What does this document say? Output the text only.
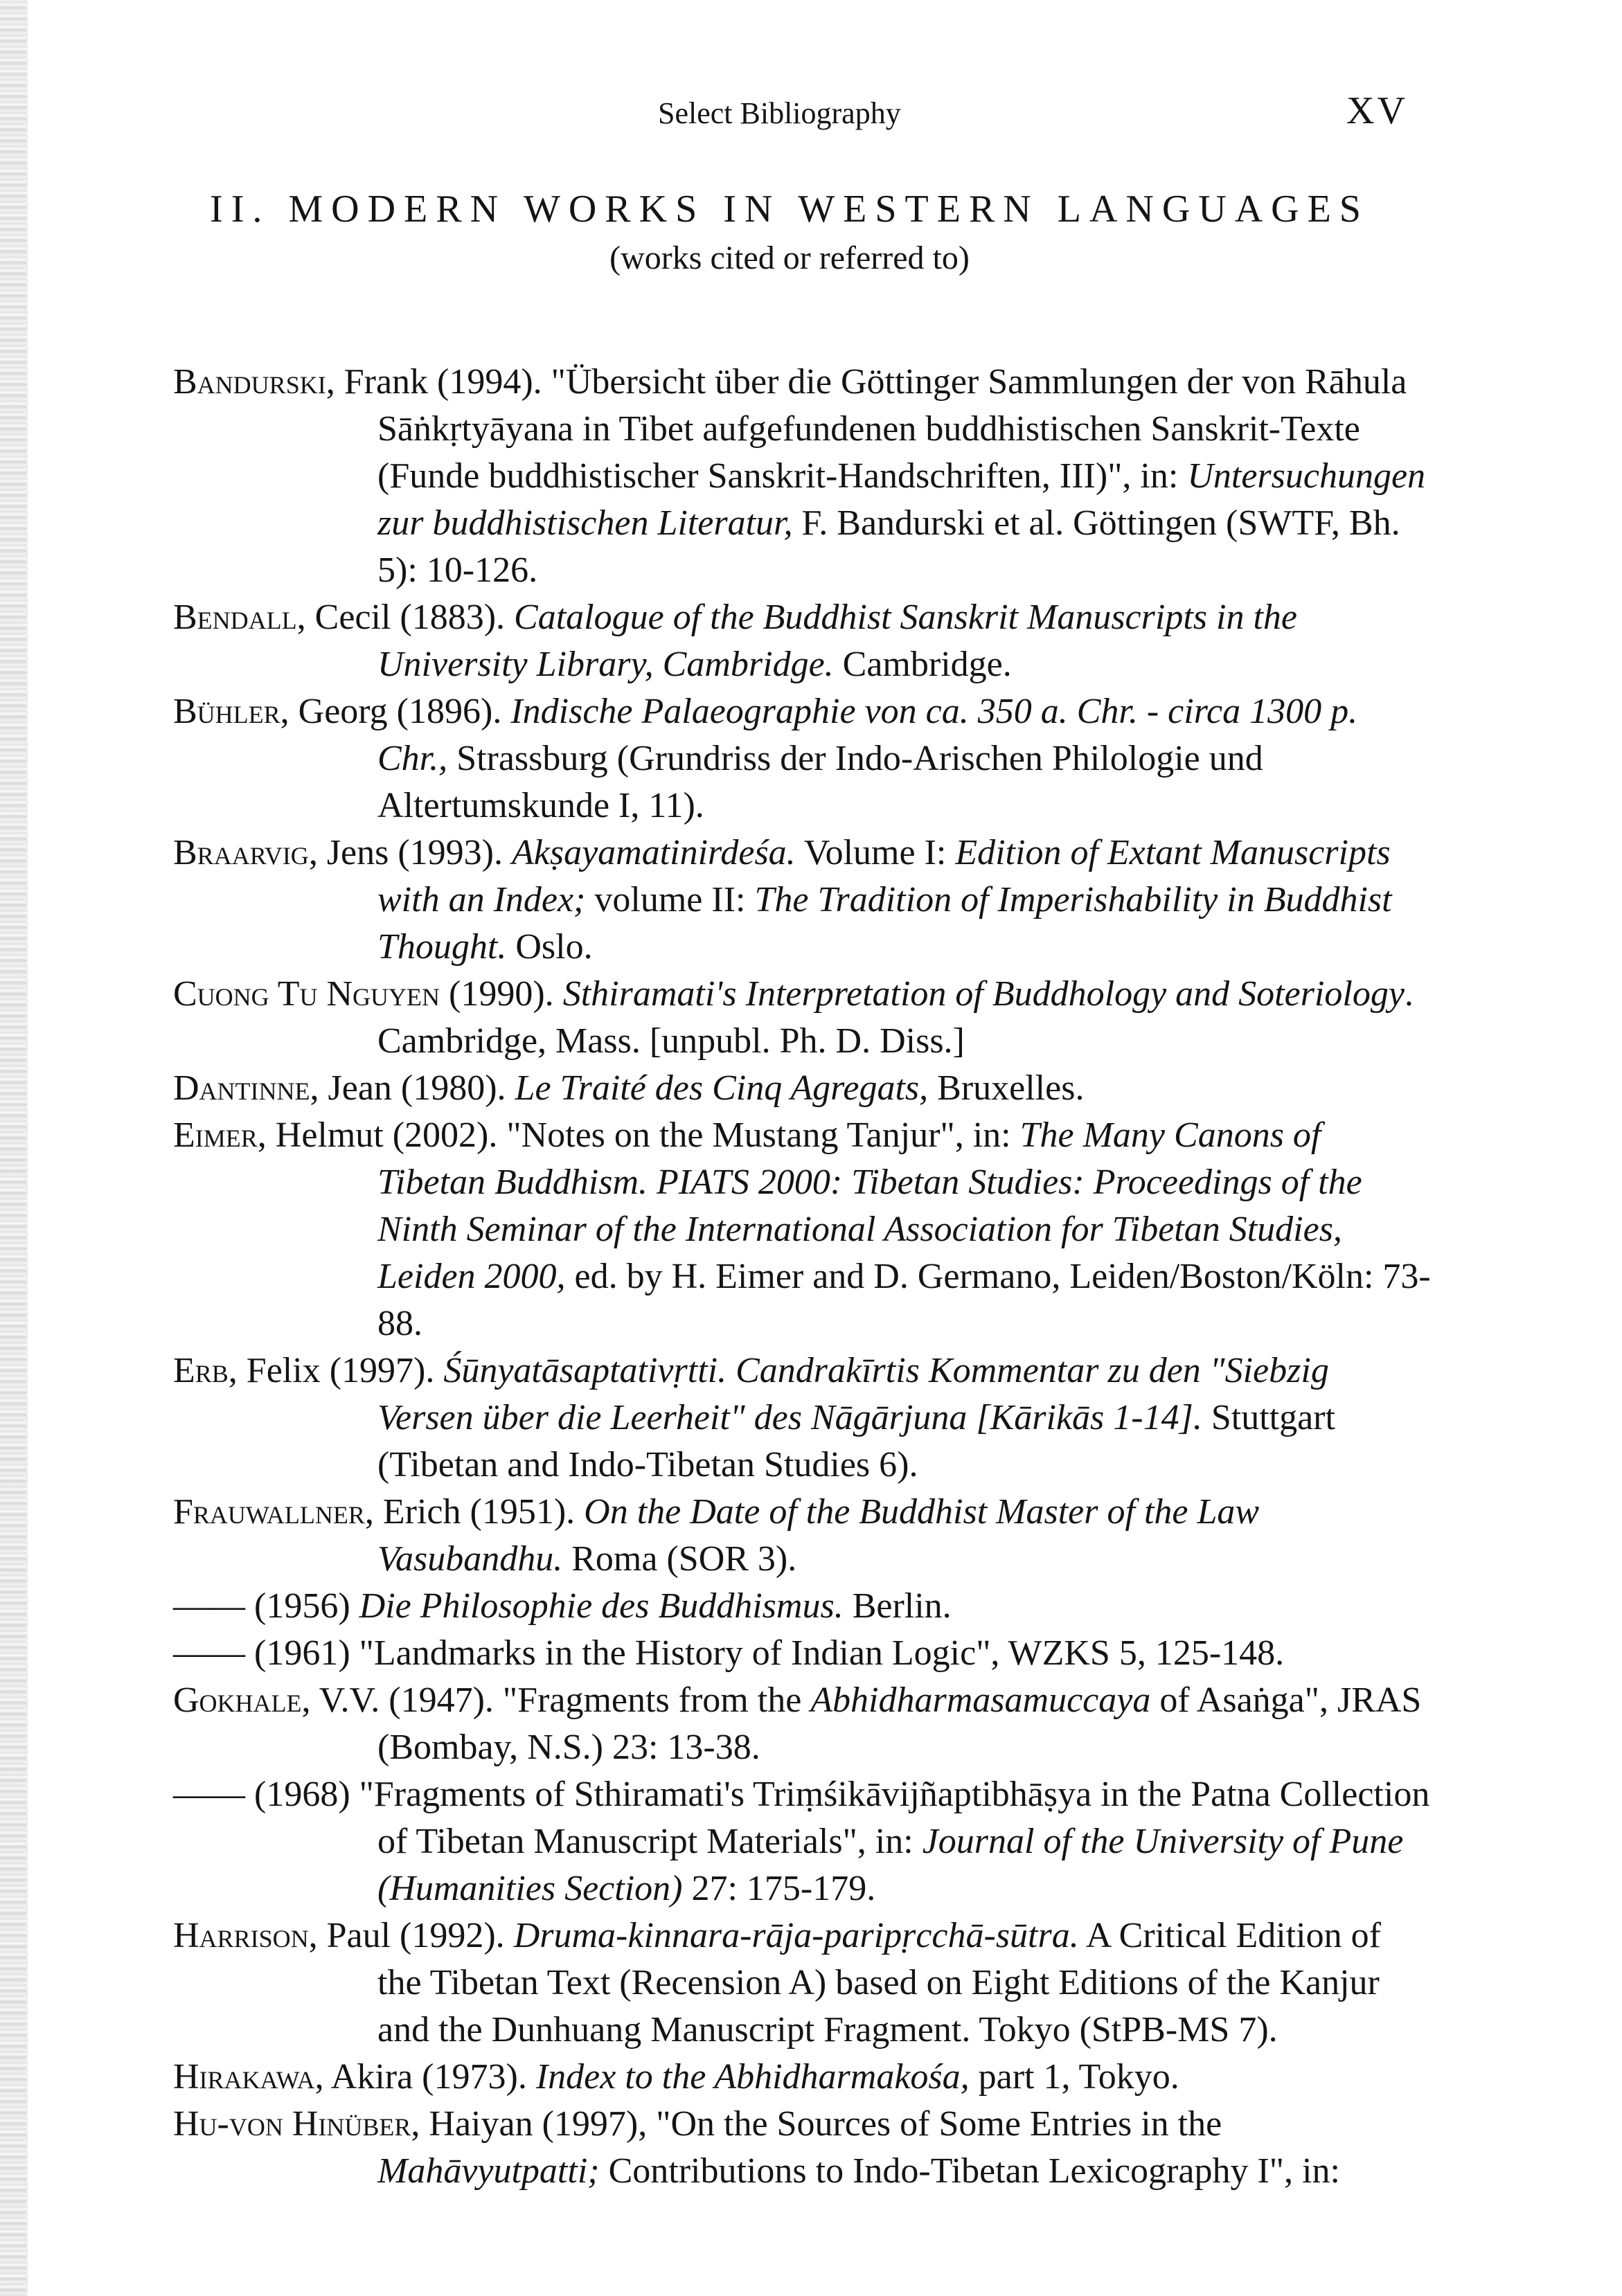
Select Bibliography	XV
II. MODERN WORKS IN WESTERN LANGUAGES
(works cited or referred to)

Bandurski, Frank (1994). "Übersicht über die Göttinger Sammlungen der von Rāhula Sāṅkṛtyāyana in Tibet aufgefundenen buddhistischen Sanskrit-Texte (Funde buddhistischer Sanskrit-Handschriften, III)", in: Untersuchungen zur buddhistischen Literatur, F. Bandurski et al. Göttingen (SWTF, Bh. 5): 10-126.

Bendall, Cecil (1883). Catalogue of the Buddhist Sanskrit Manuscripts in the University Library, Cambridge. Cambridge.

Bühler, Georg (1896). Indische Palaeographie von ca. 350 a. Chr. - circa 1300 p. Chr., Strassburg (Grundriss der Indo-Arischen Philologie und Altertumskunde I, 11).

Braarvig, Jens (1993). Akṣayamatinirdeśa. Volume I: Edition of Extant Manuscripts with an Index; volume II: The Tradition of Imperishability in Buddhist Thought. Oslo.

Cuong Tu Nguyen (1990). Sthiramati's Interpretation of Buddhology and Soteriology. Cambridge, Mass. [unpubl. Ph. D. Diss.]

Dantinne, Jean (1980). Le Traité des Cinq Agregats, Bruxelles.

Eimer, Helmut (2002). "Notes on the Mustang Tanjur", in: The Many Canons of Tibetan Buddhism. PIATS 2000: Tibetan Studies: Proceedings of the Ninth Seminar of the International Association for Tibetan Studies, Leiden 2000, ed. by H. Eimer and D. Germano, Leiden/Boston/Köln: 73-88.

Erb, Felix (1997). Śūnyatāsaptativṛtti. Candrakīrtis Kommentar zu den "Siebzig Versen über die Leerheit" des Nāgārjuna [Kārikās 1-14]. Stuttgart (Tibetan and Indo-Tibetan Studies 6).

Frauwallner, Erich (1951). On the Date of the Buddhist Master of the Law Vasubandhu. Roma (SOR 3).

—— (1956) Die Philosophie des Buddhismus. Berlin.

—— (1961) "Landmarks in the History of Indian Logic", WZKS 5, 125-148.

Gokhale, V.V. (1947). "Fragments from the Abhidharmasamuccaya of Asaṅga", JRAS (Bombay, N.S.) 23: 13-38.

—— (1968) "Fragments of Sthiramati's Triṃśikāvijñaptibhāṣya in the Patna Collection of Tibetan Manuscript Materials", in: Journal of the University of Pune (Humanities Section) 27: 175-179.

Harrison, Paul (1992). Druma-kinnara-rāja-paripṛcchā-sūtra. A Critical Edition of the Tibetan Text (Recension A) based on Eight Editions of the Kanjur and the Dunhuang Manuscript Fragment. Tokyo (StPB-MS 7).

Hirakawa, Akira (1973). Index to the Abhidharmakośa, part 1, Tokyo.

Hu-von Hinüber, Haiyan (1997), "On the Sources of Some Entries in the Mahāvyutpatti; Contributions to Indo-Tibetan Lexicography I", in:
